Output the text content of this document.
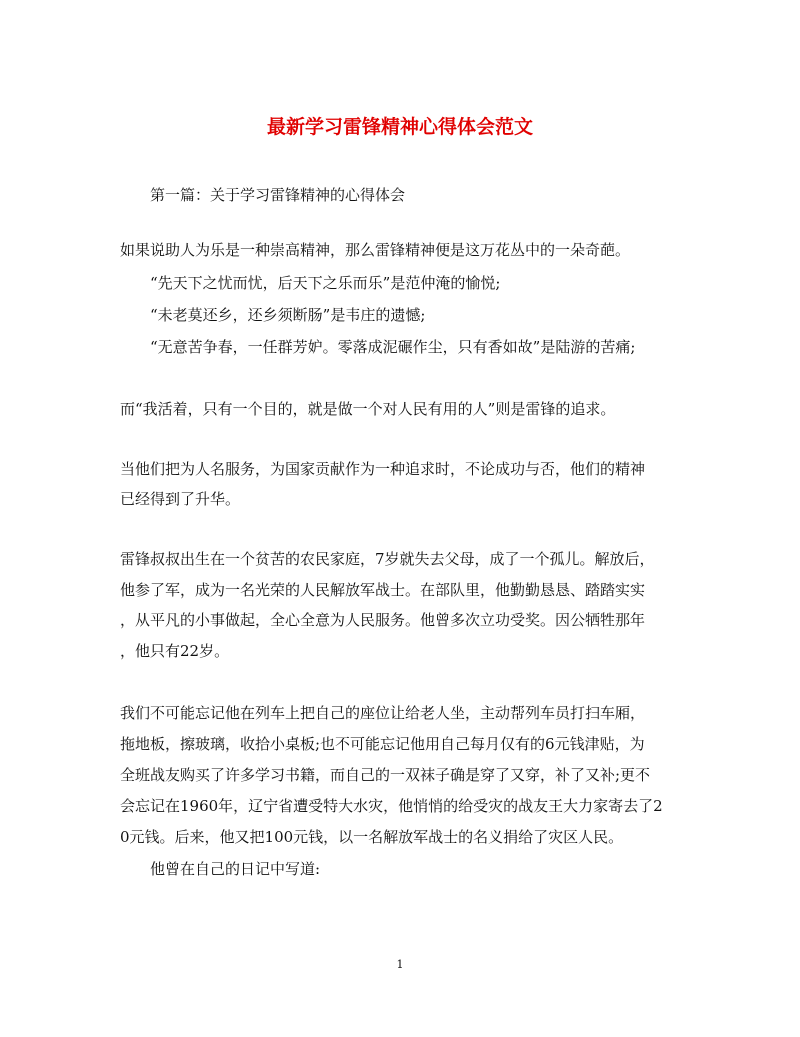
最新学习雷锋精神心得体会范文
第一篇：关于学习雷锋精神的心得体会
如果说助人为乐是一种崇高精神，那么雷锋精神便是这万花丛中的一朵奇葩。
“先天下之忧而忧，后天下之乐而乐”是范仲淹的愉悦;
“未老莫还乡，还乡须断肠”是韦庄的遗憾;
“无意苦争春，一任群芳妒。零落成泥碾作尘，只有香如故”是陆游的苦痛;
而“我活着，只有一个目的，就是做一个对人民有用的人”则是雷锋的追求。
当他们把为人名服务，为国家贡献作为一种追求时，不论成功与否，他们的精神
已经得到了升华。
雷锋叔叔出生在一个贫苦的农民家庭，7岁就失去父母，成了一个孤儿。解放后，
他参了军，成为一名光荣的人民解放军战士。在部队里，他勤勤恳恳、踏踏实实
，从平凡的小事做起，全心全意为人民服务。他曾多次立功受奖。因公牺牲那年
，他只有22岁。
我们不可能忘记他在列车上把自己的座位让给老人坐，主动帮列车员打扫车厢，
拖地板，擦玻璃，收拾小桌板;也不可能忘记他用自己每月仅有的6元钱津贴，为
全班战友购买了许多学习书籍，而自己的一双袜子确是穿了又穿，补了又补;更不
会忘记在1960年，辽宁省遭受特大水灾，他悄悄的给受灾的战友王大力家寄去了2
0元钱。后来，他又把100元钱，以一名解放军战士的名义捐给了灾区人民。
他曾在自己的日记中写道:
1
